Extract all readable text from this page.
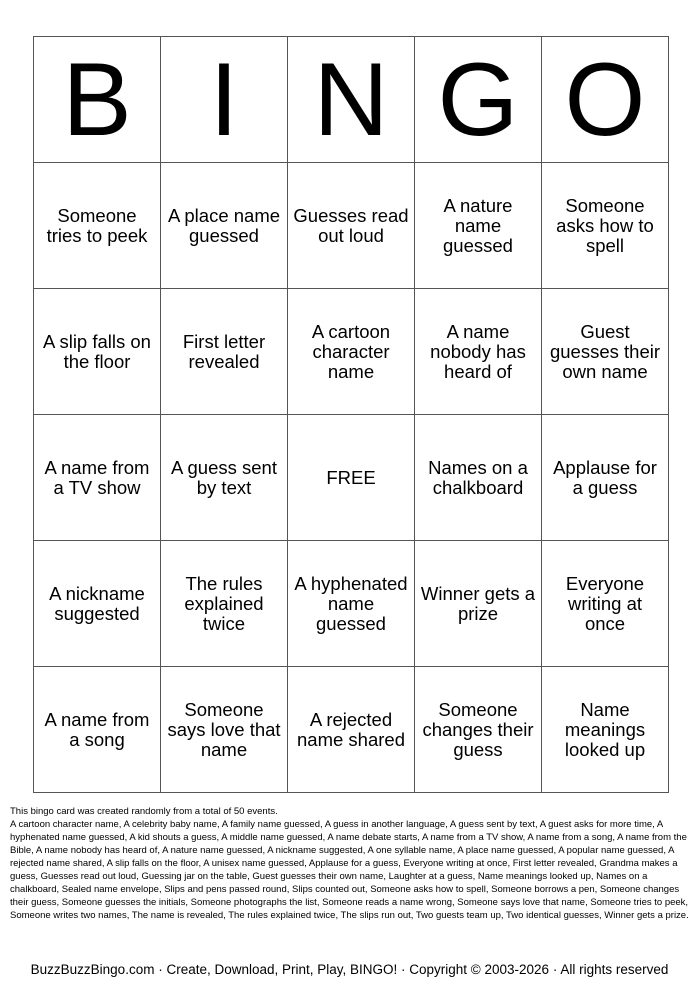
B	I	N	G	O
Someone tries to peek	A place name guessed	Guesses read out loud	A nature name guessed	Someone asks how to spell
A slip falls on the floor	First letter revealed	A cartoon character name	A name nobody has heard of	Guest guesses their own name
A name from a TV show	A guess sent by text	FREE	Names on a chalkboard	Applause for a guess
A nickname suggested	The rules explained twice	A hyphenated name guessed	Winner gets a prize	Everyone writing at once
A name from a song	Someone says love that name	A rejected name shared	Someone changes their guess	Name meanings looked up

This bingo card was created randomly from a total of 50 events.

A cartoon character name, A celebrity baby name, A family name guessed, A guess in another language, A guess sent by text, A guest asks for more time, A hyphenated name guessed, A kid shouts a guess, A middle name guessed, A name debate starts, A name from a TV show, A name from a song, A name from the Bible, A name nobody has heard of, A nature name guessed, A nickname suggested, A one syllable name, A place name guessed, A popular name guessed, A rejected name shared, A slip falls on the floor, A unisex name guessed, Applause for a guess, Everyone writing at once, First letter revealed, Grandma makes a guess, Guesses read out loud, Guessing jar on the table, Guest guesses their own name, Laughter at a guess, Name meanings looked up, Names on a chalkboard, Sealed name envelope, Slips and pens passed round, Slips counted out, Someone asks how to spell, Someone borrows a pen, Someone changes their guess, Someone guesses the initials, Someone photographs the list, Someone reads a name wrong, Someone says love that name, Someone tries to peek, Someone writes two names, The name is revealed, The rules explained twice, The slips run out, Two guests team up, Two identical guesses, Winner gets a prize.

BuzzBuzzBingo.com · Create, Download, Print, Play, BINGO! · Copyright © 2003-2026 · All rights reserved
